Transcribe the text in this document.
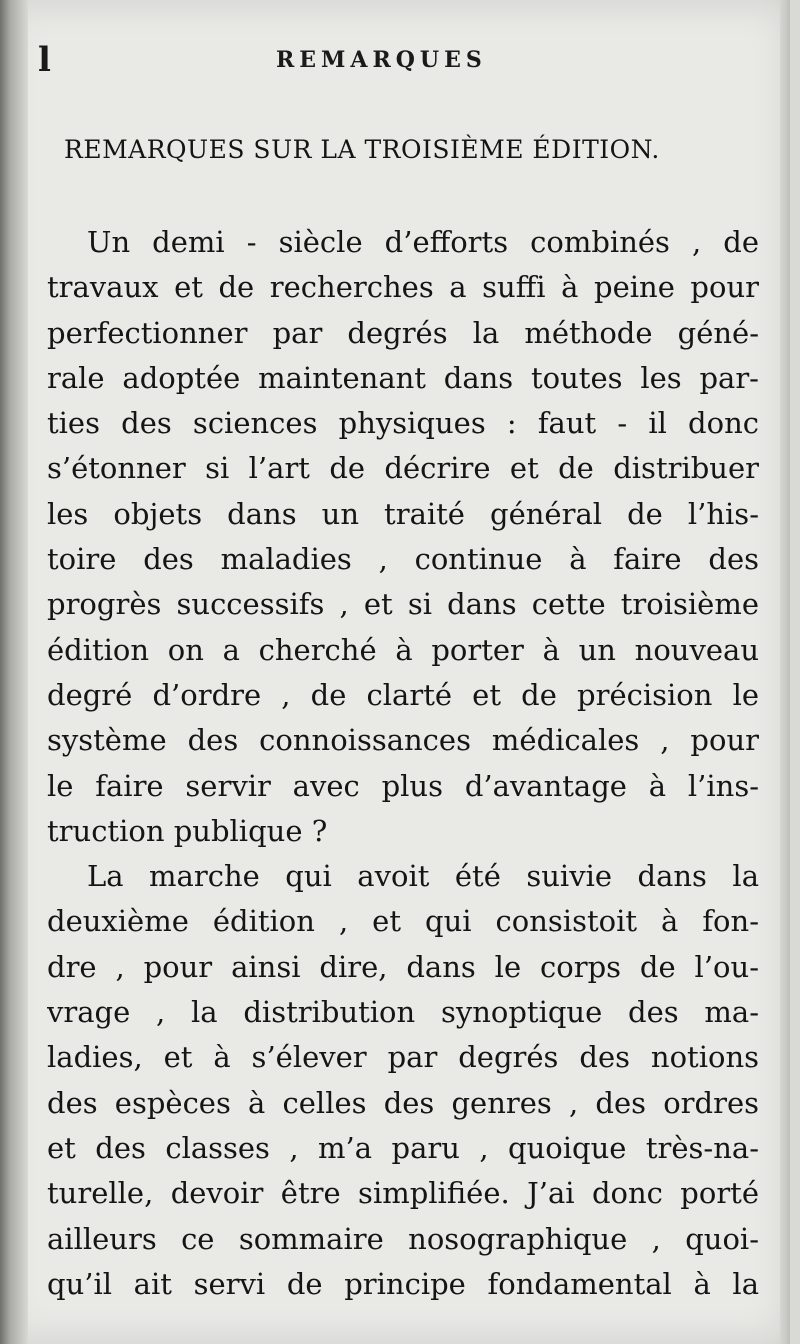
l	REMARQUES
REMARQUES SUR LA TROISIÈME ÉDITION.
Un demi - siècle d’efforts combinés , de
travaux et de recherches a suffi à peine pour
perfectionner par degrés la méthode géné-
rale adoptée maintenant dans toutes les par-
ties des sciences physiques : faut - il donc
s’étonner si l’art de décrire et de distribuer
les objets dans un traité général de l’his-
toire des maladies , continue à faire des
progrès successifs , et si dans cette troisième
édition on a cherché à porter à un nouveau
degré d’ordre , de clarté et de précision le
système des connoissances médicales , pour
le faire servir avec plus d’avantage à l’ins-
truction publique ?
La marche qui avoit été suivie dans la
deuxième édition , et qui consistoit à fon-
dre , pour ainsi dire, dans le corps de l’ou-
vrage , la distribution synoptique des ma-
ladies, et à s’élever par degrés des notions
des espèces à celles des genres , des ordres
et des classes , m’a paru , quoique très-na-
turelle, devoir être simplifiée. J’ai donc porté
ailleurs ce sommaire nosographique , quoi-
qu’il ait servi de principe fondamental à la
